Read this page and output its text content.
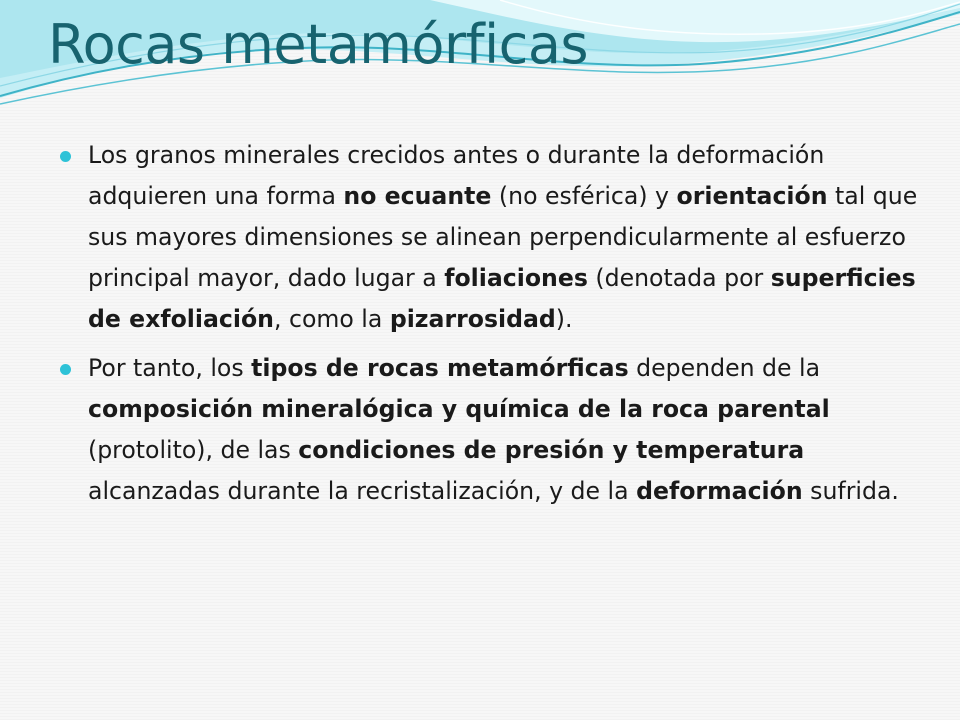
Rocas metamórficas
Los granos minerales crecidos antes o durante la deformación adquieren una forma no ecuante (no esférica) y orientación tal que sus mayores dimensiones se alinean perpendicularmente al esfuerzo principal mayor, dado lugar a foliaciones (denotada por superficies de exfoliación, como la pizarrosidad).
Por tanto, los tipos de rocas metamórficas dependen de la composición mineralógica y química de la roca parental (protolito), de las condiciones de presión y temperatura alcanzadas durante la recristalización, y de la deformación sufrida.
